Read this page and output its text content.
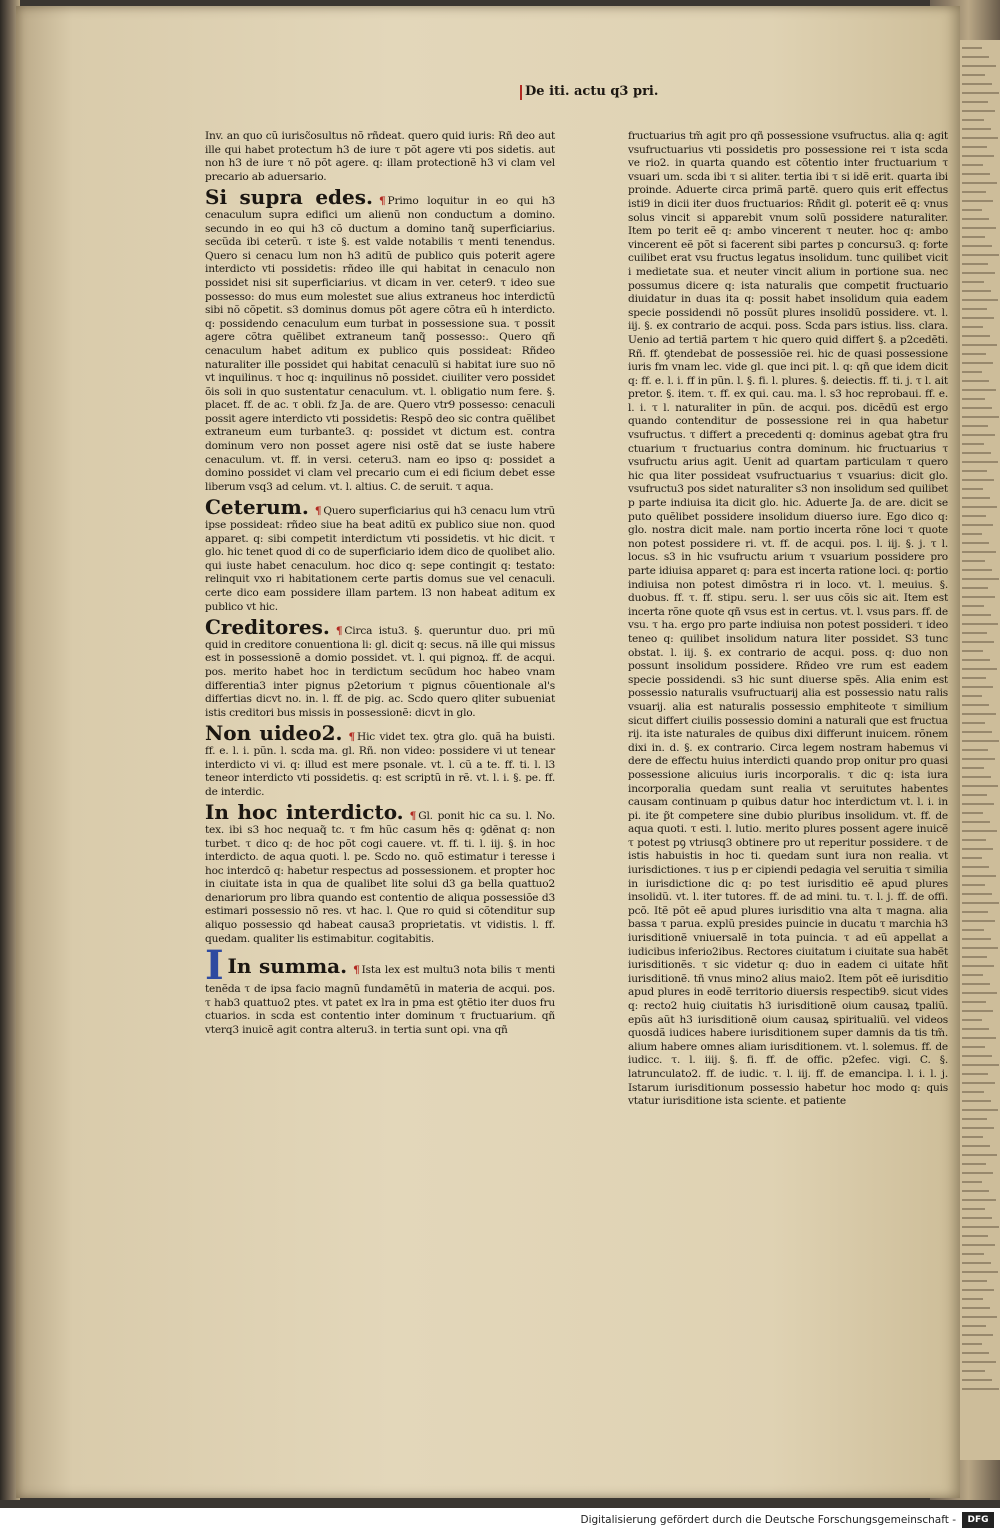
De iti. actu q3 pri.

Inv. an quo cũ iurisc̃osultus nõ rñdeat. quero quid iuris: Rñ deo aut ille qui habet protectum h3 de iure τ põt agere vti pos sidetis. aut non h3 de iure τ nõ põt agere. q: illam protectionẽ h3 vi clam vel precario ab aduersario.

Si supra edes. ¶ Primo loquitur in eo qui h3 cenaculum supra edifici um alienũ non conductum a domino. secundo in eo qui h3 cõ ductum a domino tanq̃ superficiarius. secũda ibi ceterũ. τ iste §. est valde notabilis τ menti tenendus. Quero si cenacu lum non h3 aditũ de publico quis poterit agere interdicto vti possidetis: rñdeo ille qui habitat in cenaculo non possidet nisi sit superficiarius. vt dicam in ver. ceter9. τ ideo sue possesso: do mus eum molestet sue alius extraneus hoc interdictũ sibi nõ cõpetit. s3 dominus domus põt agere cõtra eũ h interdicto. q: possidendo cenaculum eum turbat in possessione sua. τ possit agere cõtra quẽlibet extraneum tanq̃ possesso:. Quero qñ cenaculum habet aditum ex publico quis possideat: Rñdeo naturaliter ille possidet qui habitat cenaculũ si habitat iure suo nõ vt inquilinus. τ hoc q: inquilinus nõ possidet. ciuiliter vero possidet õis soli in quo sustentatur cenaculum. vt. l. obligatio num fere. §. placet. ff. de ac. τ obli. fz Ja. de are. Quero vtr9 possesso: cenaculi possit agere interdicto vti possidetis: Respõ deo sic contra quẽlibet extraneum eum turbante3. q: possidet vt dictum est. contra dominum vero non posset agere nisi ostẽ dat se iuste habere cenaculum. vt. ff. in versi. ceteru3. nam eo ipso q: possidet a domino possidet vi clam vel precario cum ei edi ficium debet esse liberum vsq3 ad celum. vt. l. altius. C. de seruit. τ aqua.

Ceterum. ¶ Quero superficiarius qui h3 cenacu lum vtrũ ipse possideat: rñdeo siue ha beat aditũ ex publico siue non. quod apparet. q: sibi competit interdictum vti possidetis. vt hic dicit. τ glo. hic tenet quod di co de superficiario idem dico de quolibet alio. qui iuste habet cenaculum. hoc dico q: sepe contingit q: testato: relinquit vxo ri habitationem certe partis domus sue vel cenaculi. certe dico eam possidere illam partem. l3 non habeat aditum ex publico vt hic.

Creditores. ¶ Circa istu3. §. queruntur duo. pri mũ quid in creditore conuentiona li: gl. dicit q: secus. nã ille qui missus est in possessionẽ a domio possidet. vt. l. qui pignoꝝ. ff. de acqui. pos. merito habet hoc in terdictum secũdum hoc habeo vnam differentia3 inter pignus p2etorium τ pignus cõuentionale al's differtias dicvt no. in. l. ff. de pig. ac. Scdo quero qliter subueniat istis creditori bus missis in possessionẽ: dicvt in glo.

Non uideo2. ¶ Hic videt tex. ꝯtra glo. quã ha buisti. ff. e. l. i. pũn. l. scda ma. gl. Rñ. non video: possidere vi ut tenear interdicto vi vi. q: illud est mere psonale. vt. l. cũ a te. ff. ti. l. l3 teneor interdicto vti possidetis. q: est scriptũ in rẽ. vt. l. i. §. pe. ff. de interdic.

In hoc interdicto. ¶ Gl. ponit hic ca su. l. No. tex. ibi s3 hoc nequaq̃ tc. τ fm hũc casum hẽs q: ꝯdẽnat q: non turbet. τ dico q: de hoc põt cogi cauere. vt. ff. ti. l. iij. §. in hoc interdicto. de aqua quoti. l. pe. Scdo no. quõ estimatur i teresse i hoc interdcõ q: habetur respectus ad possessionem. et propter hoc in ciuitate ista in qua de qualibet lite solui d3 ga bella quattuo2 denariorum pro libra quando est contentio de aliqua possessiõe d3 estimari possessio nõ res. vt hac. l. Que ro quid si cõtenditur sup aliquo possessio qd habeat causa3 proprietatis. vt vidistis. l. ff. quedam. qualiter lis estimabitur. cogitabitis.

I In summa. ¶ Ista lex est multu3 nota bilis τ menti tenẽda τ de ipsa facio magnũ fundamẽtũ in materia de acqui. pos. τ hab3 quattuo2 ptes. vt patet ex lra in pma est ꝯtẽtio iter duos fru ctuarios. in scda est contentio inter dominum τ fructuarium. qñ vterq3 inuicẽ agit contra alteru3. in tertia sunt opi. vna qñ

fructuarius tm̃ agit pro qñ possessione vsufructus. alia q: agit vsufructuarius vti possidetis pro possessione rei τ ista scda ve rio2. in quarta quando est cõtentio inter fructuarium τ vsuari um. scda ibi τ si aliter. tertia ibi τ si idẽ erit. quarta ibi proinde. Aduerte circa primã partẽ. quero quis erit effectus isti9 in dicii iter duos fructuarios: Rñdit gl. poterit eẽ q: vnus solus vincit si apparebit vnum solũ possidere naturaliter. Item po terit eẽ q: ambo vincerent τ neuter. hoc q: ambo vincerent eẽ põt si facerent sibi partes p concursu3. q: forte cuilibet erat vsu fructus legatus insolidum. tunc quilibet vicit i medietate sua. et neuter vincit alium in portione sua. nec possumus dicere q: ista naturalis que competit fructuario diuidatur in duas ita q: possit habet insolidum quia eadem specie possidendi nõ possũt plures insolidũ possidere. vt. l. iij. §. ex contrario de acqui. poss. Scda pars istius. liss. clara. Uenio ad tertiã partem τ hic quero quid differt §. a p2cedẽti. Rñ. ff. ꝯtendebat de possessiõe rei. hic de quasi possessione iuris fm vnam lec. vide gl. que inci pit. l. q: qñ que idem dicit q: ff. e. l. i. ff in pũn. l. §. fi. l. plures. §. deiectis. ff. ti. j. τ l. ait pretor. §. item. τ. ff. ex qui. cau. ma. l. s3 hoc reprobaui. ff. e. l. i. τ l. naturaliter in pũn. de acqui. pos. dicẽdũ est ergo quando contenditur de possessione rei in qua habetur vsufructus. τ differt a precedenti q: dominus agebat ꝯtra fru ctuarium τ fructuarius contra dominum. hic fructuarius τ vsufructu arius agit. Uenit ad quartam particulam τ quero hic qua liter possideat vsufructuarius τ vsuarius: dicit glo. vsufructu3 pos sidet naturaliter s3 non insolidum sed quilibet p parte indiuisa ita dicit glo. hic. Aduerte Ja. de are. dicit se puto quẽlibet possidere insolidum diuerso iure. Ego dico q: glo. nostra dicit male. nam portio incerta rõne loci τ quote non potest possidere ri. vt. ff. de acqui. pos. l. iij. §. j. τ l. locus. s3 in hic vsufructu arium τ vsuarium possidere pro parte idiuisa apparet q: para est incerta ratione loci. q: portio indiuisa non potest dimõstra ri in loco. vt. l. meuius. §. duobus. ff. τ. ff. stipu. seru. l. ser uus cõis sic ait. Item est incerta rõne quote qñ vsus est in certus. vt. l. vsus pars. ff. de vsu. τ ha. ergo pro parte indiuisa non potest possideri. τ ideo teneo q: quilibet insolidum natura liter possidet. S3 tunc obstat. l. iij. §. ex contrario de acqui. poss. q: duo non possunt insolidum possidere. Rñdeo vre rum est eadem specie possidendi. s3 hic sunt diuerse spẽs. Alia enim est possessio naturalis vsufructuarij alia est possessio natu ralis vsuarij. alia est naturalis possessio emphiteote τ similium sicut differt ciuilis possessio domini a naturali que est fructua rij. ita iste naturales de quibus dixi differunt inuicem. rõnem dixi in. d. §. ex contrario. Circa legem nostram habemus vi dere de effectu huius interdicti quando prop onitur pro quasi possessione alicuius iuris incorporalis. τ dic q: ista iura incorporalia quedam sunt realia vt seruitutes habentes causam continuam p quibus datur hoc interdictum vt. l. i. in pi. ite p̃t competere sine dubio pluribus insolidum. vt. ff. de aqua quoti. τ esti. l. lutio. merito plures possent agere inuicẽ τ potest pꝯ vtriusq3 obtinere pro ut reperitur possidere. τ de istis habuistis in hoc ti. quedam sunt iura non realia. vt iurisdictiones. τ ius p er cipiendi pedagia vel seruitia τ similia in iurisdictione dic q: po test iurisditio eẽ apud plures insolidũ. vt. l. iter tutores. ff. de ad mini. tu. τ. l. j. ff. de offi. pcõ. Itẽ põt eẽ apud plures iurisditio vna alta τ magna. alia bassa τ parua. explũ presides puincie in ducatu τ marchia h3 iurisditionẽ vniuersalẽ in tota puincia. τ ad eũ appellat a iudicibus inferio2ibus. Rectores ciuitatum i ciuitate sua habẽt iurisditionẽs. τ sic videtur q: duo in eadem ci uitate hñt iurisditionẽ. tñ vnus mino2 alius maio2. Item põt eẽ iurisditio apud plures in eodẽ territorio diuersis respectib9. sicut vides q: recto2 huiꝯ ciuitatis h3 iurisditionẽ oium causaꝝ tpaliũ. epũs aũt h3 iurisditionẽ oium causaꝝ spiritualiũ. vel videos quosdã iudices habere iurisditionem super damnis da tis tm̃. alium habere omnes aliam iurisditionem. vt. l. solemus. ff. de iudicc. τ. l. iiij. §. fi. ff. de offic. p2efec. vigi. C. §. latrunculato2. ff. de iudic. τ. l. iij. ff. de emancipa. l. i. l. j. Istarum iurisditionum possessio habetur hoc modo q: quis vtatur iurisditione ista sciente. et patiente

Digitalisierung gefördert durch die Deutsche Forschungsgemeinschaft -	DFG
